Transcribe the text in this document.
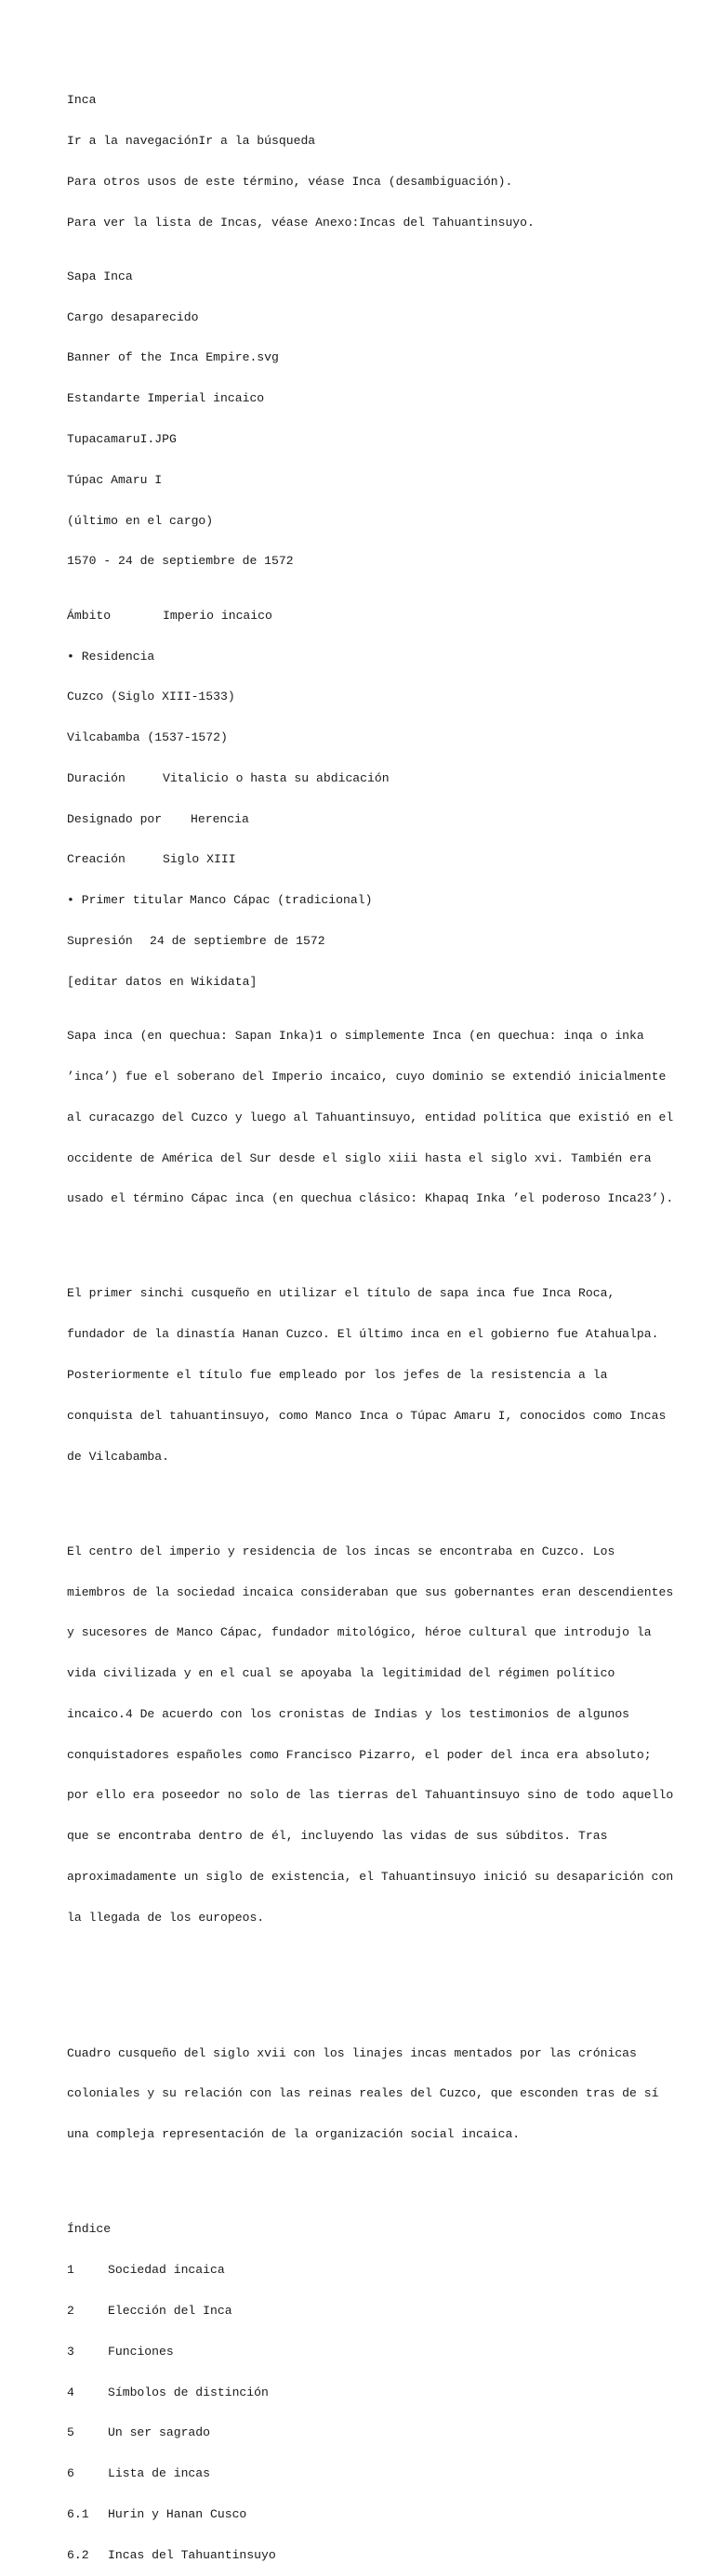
Inca

Ir a la navegaciónIr a la búsqueda

Para otros usos de este término, véase Inca (desambiguación).

Para ver la lista de Incas, véase Anexo:Incas del Tahuantinsuyo.

Sapa Inca

Cargo desaparecido

Banner of the Inca Empire.svg

Estandarte Imperial incaico

TupacamaruI.JPG

Túpac Amaru I

(último en el cargo)

1570 - 24 de septiembre de 1572

Ámbito	Imperio incaico

• Residencia

Cuzco (Siglo XIII-1533)

Vilcabamba (1537-1572)

Duración	Vitalicio o hasta su abdicación

Designado por Herencia

Creación	Siglo XIII

• Primer titular Manco Cápac (tradicional)

Supresión 24 de septiembre de 1572

[editar datos en Wikidata]

Sapa inca (en quechua: Sapan Inka)1 o simplemente Inca (en quechua: inqa o inka

’inca’) fue el soberano del Imperio incaico, cuyo dominio se extendió inicialmente

al curacazgo del Cuzco y luego al Tahuantinsuyo, entidad política que existió en el

occidente de América del Sur desde el siglo xiii hasta el siglo xvi. También era

usado el término Cápac inca (en quechua clásico: Khapaq Inka ’el poderoso Inca23’).

El primer sinchi cusqueño en utilizar el título de sapa inca fue Inca Roca,

fundador de la dinastía Hanan Cuzco. El último inca en el gobierno fue Atahualpa.

Posteriormente el título fue empleado por los jefes de la resistencia a la

conquista del tahuantinsuyo, como Manco Inca o Túpac Amaru I, conocidos como Incas

de Vilcabamba.

El centro del imperio y residencia de los incas se encontraba en Cuzco. Los

miembros de la sociedad incaica consideraban que sus gobernantes eran descendientes

y sucesores de Manco Cápac, fundador mitológico, héroe cultural que introdujo la

vida civilizada y en el cual se apoyaba la legitimidad del régimen político

incaico.4 De acuerdo con los cronistas de Indias y los testimonios de algunos

conquistadores españoles como Francisco Pizarro, el poder del inca era absoluto;

por ello era poseedor no solo de las tierras del Tahuantinsuyo sino de todo aquello

que se encontraba dentro de él, incluyendo las vidas de sus súbditos. Tras

aproximadamente un siglo de existencia, el Tahuantinsuyo inició su desaparición con

la llegada de los europeos.

Cuadro cusqueño del siglo xvii con los linajes incas mentados por las crónicas

coloniales y su relación con las reinas reales del Cuzco, que esconden tras de sí

una compleja representación de la organización social incaica.

Índice

1	Sociedad incaica

2	Elección del Inca

3	Funciones

4	Símbolos de distinción

5	Un ser sagrado

6	Lista de incas

6.1 Hurin y Hanan Cusco

6.2 Incas del Tahuantinsuyo
